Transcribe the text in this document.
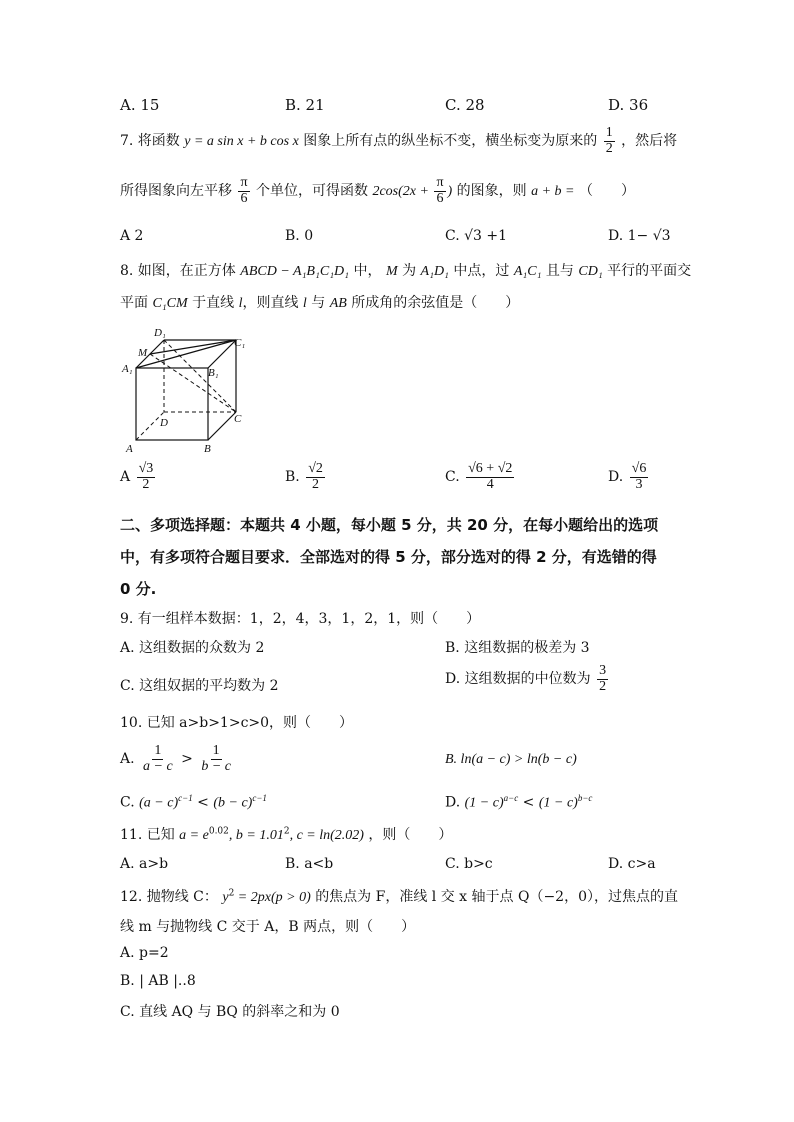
A. 15	B. 21	C. 28	D. 36
7. 将函数 y = a sin x + b cos x 图象上所有点的纵坐标不变，横坐标变为原来的 $\frac{1}{2}$ ，然后将
所得图象向左平移 $\frac{\pi}{6}$ 个单位，可得函数 $2\cos(2x + \frac{\pi}{6}$ ) 的图象，则 a + b = （　　）
A 2	B. 0	C. √3 +1	D. 1− √3
8. 如图，在正方体 ABCD − A₁B₁C₁D₁ 中， M 为 A₁D₁ 中点，过 A₁C₁ 且与 CD₁ 平行的平面交
平面 C₁CM 于直线 l，则直线 l 与 AB 所成角的余弦值是（　　）
D₁
C₁
M
A₁	B₁
D	C
A	B
A $\frac{√3}{2}$	B. $\frac{√2}{2}$	C. $\frac{√6 + √2}{4}$	D. $\frac{√6}{3}$
二、多项选择题：本题共 4 小题，每小题 5 分，共 20 分，在每小题给出的选项
中，有多项符合题目要求．全部选对的得 5 分，部分选对的得 2 分，有选错的得
0 分.
9. 有一组样本数据：1，2，4，3，1，2，1，则（　　）
A. 这组数据的众数为 2	B. 这组数据的极差为 3
C. 这组奴据的平均数为 2	D. 这组数据的中位数为 $\frac{3}{2}$
10. 已知 a>b>1>c>0，则（　　）
A. $\frac{1}{a - c} > \frac{1}{b - c}$	B. ln(a − c) > ln(b − c)
C. $(a - c)^{c-1} < (b - c)^{c-1}$	D. $(1 - c)^{a-c} < (1 - c)^{b-c}$
11. 已知 $a = e^{0.02}$, $b = 1.01^2$, c = ln(2.02) ，则（　　）
A. a>b	B. a<b	C. b>c	D. c>a
12. 抛物线 C： $y^2 = 2px(p > 0)$ 的焦点为 F，准线 l 交 x 轴于点 Q（−2，0），过焦点的直
线 m 与抛物线 C 交于 A，B 两点，则（　　）
A. p=2
B. | AB |..8
C. 直线 AQ 与 BQ 的斜率之和为 0
